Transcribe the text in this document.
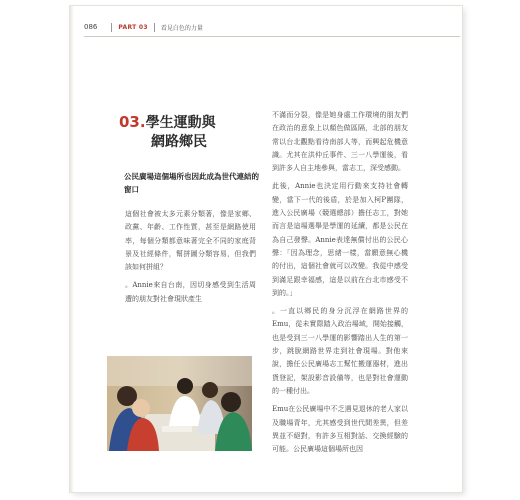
086	PART 03 看見白色的力量
03.學生運動與
網路鄉民
公民廣場這個場所也因此成為世代連結的窗口

這個社會被太多元素分類著，像是家鄉、政黨、年齡、工作性質，甚至是網路使用率，每個分類都意味著完全不同的家庭背景及社經條件，幫拼圖分類容易，但我們該如何拼組？

。Annie來自台南，因切身感受到生活周遭的朋友對社會現狀產生

不滿而分裂，像是她身處工作環境的朋友們在政治的意象上以顏色做區隔，北部的朋友常以台北觀點看待南部人等，而興起危機意識。尤其在洪仲丘事件、三一八學運後，看到許多人自主地參與，當志工，深受感動。

此後，Annie也決定用行動來支持社會轉變，當下一代的後盾，於是加入柯P團隊，進入公民廣場（競選總部）擔任志工，對她而言是這場選舉是學運的延續，都是公民在為自己發聲。Annie表達無償付出的公民心聲：「因為理念，思緒一樣，當願意無心機的付出，這個社會就可以改變。我從中感受到滿足跟幸福感，這是以前在台北市感受不到的。」

。一直以鄉民的身分沉浮在網路世界的Emu，從未實際踏入政治場域，開始接觸，也是受到三一八學運的影響踏出人生的第一步，跳脫網路世界走到社會現場。對他來說，擔任公民廣場志工幫忙搬運器材，進出貨登記，架設影音設備等，也是對社會運動的一種付出。

Emu在公民廣場中不乏遇見退休的老人家以及職場青年，尤其感受到世代間差異，但差異並不絕對，有許多互相對話、交換經驗的可能。公民廣場這個場所也因
